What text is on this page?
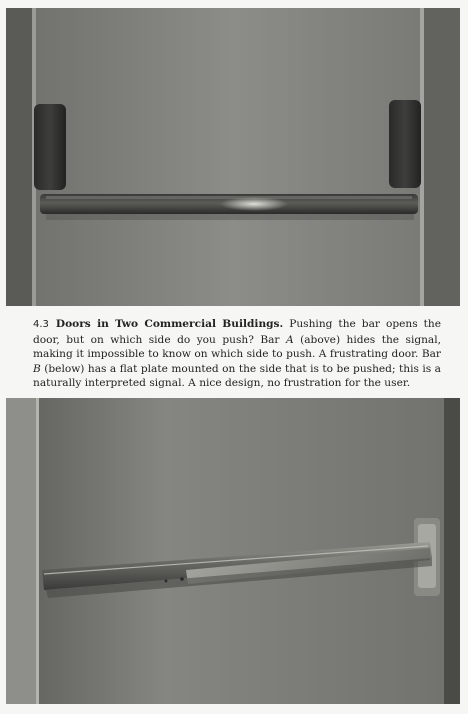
4.3 Doors in Two Commercial Buildings. Pushing the bar opens the door, but on which side do you push? Bar A (above) hides the signal, making it impossible to know on which side to push. A frustrating door. Bar B (below) has a flat plate mounted on the side that is to be pushed; this is a naturally interpreted signal. A nice design, no frustration for the user.
